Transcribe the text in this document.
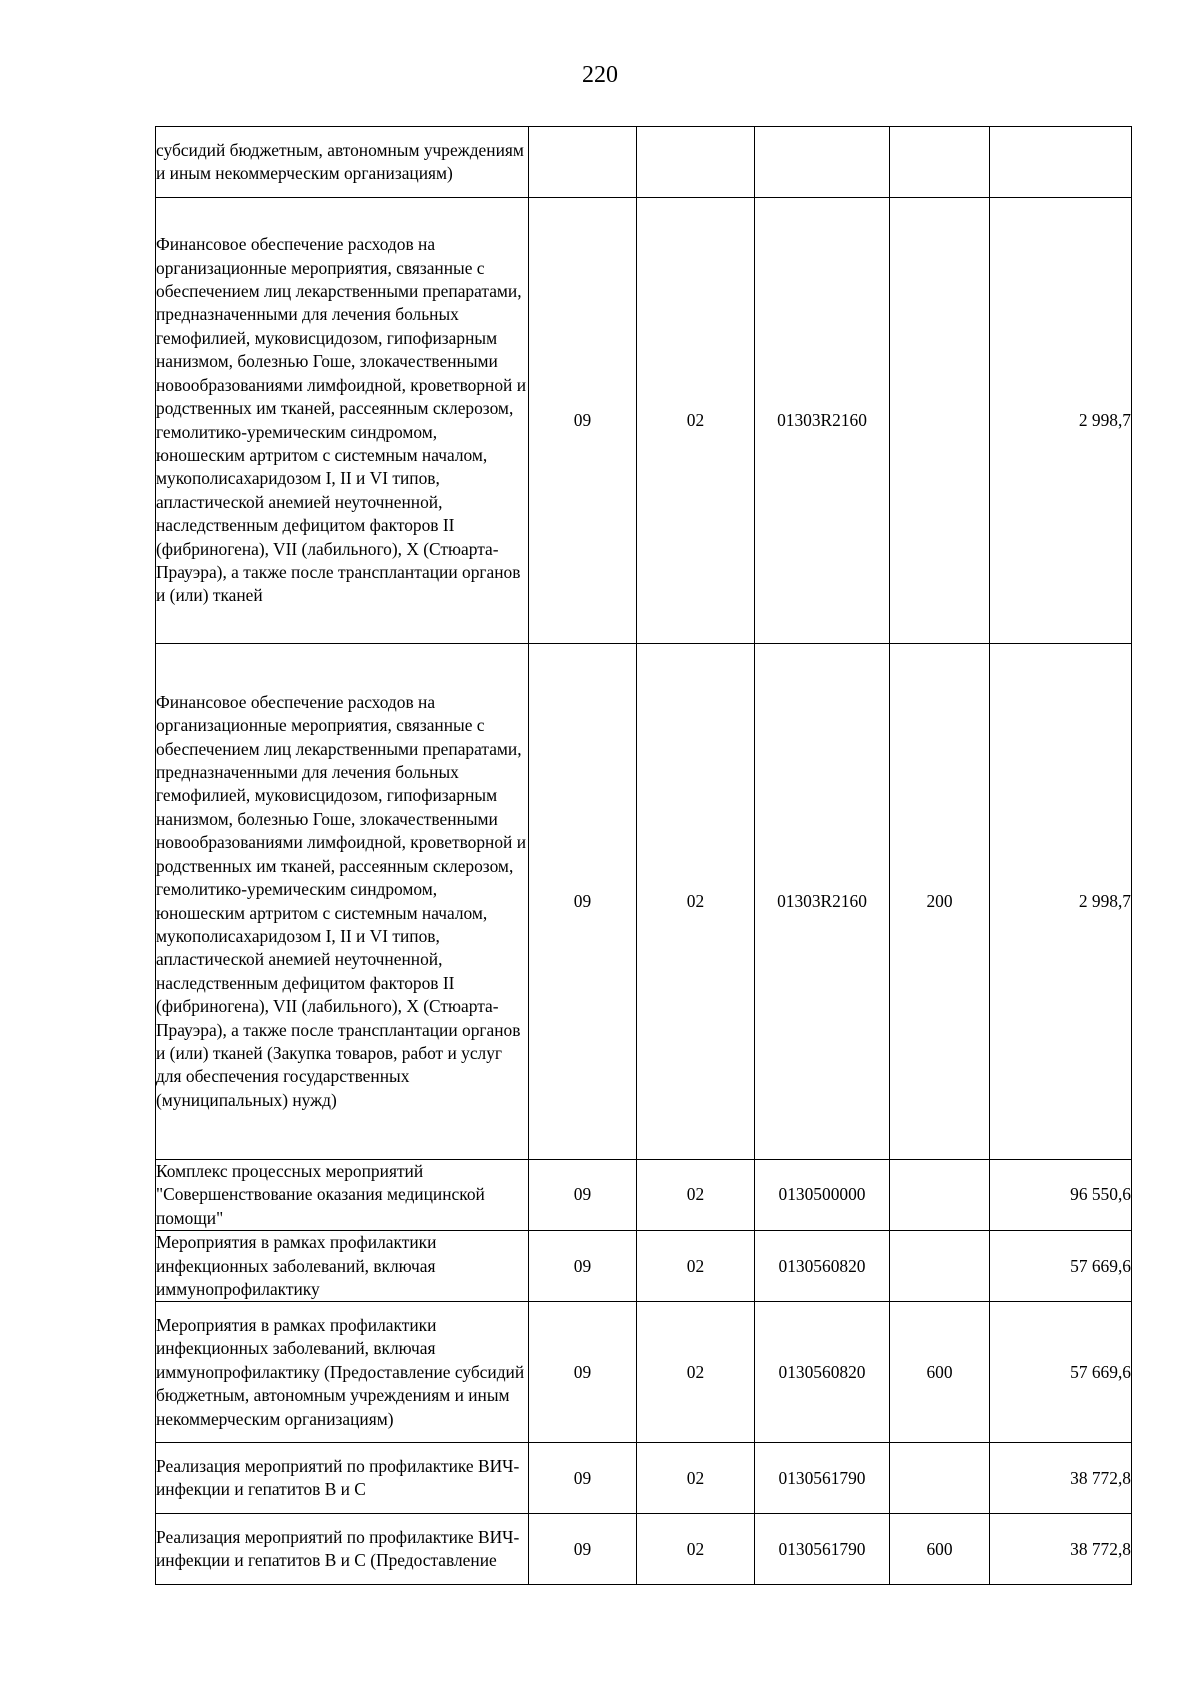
220
субсидий бюджетным, автономным учреждениям и иным некоммерческим организациям)					

Финансовое обеспечение расходов на организационные мероприятия, связанные с обеспечением лиц лекарственными препаратами, предназначенными для лечения больных гемофилией, муковисцидозом, гипофизарным нанизмом, болезнью Гоше, злокачественными новообразованиями лимфоидной, кроветворной и родственных им тканей, рассеянным склерозом, гемолитико-уремическим синдромом, юношеским артритом с системным началом, мукополисахаридозом I, II и VI типов, апластической анемией неуточненной, наследственным дефицитом факторов II (фибриногена), VII (лабильного), X (Стюарта-Прауэра), а также после трансплантации органов и (или) тканей	09	02	01303R2160		2 998,7

Финансовое обеспечение расходов на организационные мероприятия, связанные с обеспечением лиц лекарственными препаратами, предназначенными для лечения больных гемофилией, муковисцидозом, гипофизарным нанизмом, болезнью Гоше, злокачественными новообразованиями лимфоидной, кроветворной и родственных им тканей, рассеянным склерозом, гемолитико-уремическим синдромом, юношеским артритом с системным началом, мукополисахаридозом I, II и VI типов, апластической анемией неуточненной, наследственным дефицитом факторов II (фибриногена), VII (лабильного), X (Стюарта-Прауэра), а также после трансплантации органов и (или) тканей (Закупка товаров, работ и услуг для обеспечения государственных (муниципальных) нужд)	09	02	01303R2160	200	2 998,7

Комплекс процессных мероприятий "Совершенствование оказания медицинской помощи"	09	02	0130500000		96 550,6

Мероприятия в рамках профилактики инфекционных заболеваний, включая иммунопрофилактику	09	02	0130560820		57 669,6

Мероприятия в рамках профилактики инфекционных заболеваний, включая иммунопрофилактику (Предоставление субсидий бюджетным, автономным учреждениям и иным некоммерческим организациям)	09	02	0130560820	600	57 669,6

Реализация мероприятий по профилактике ВИЧ-инфекции и гепатитов B и C	09	02	0130561790		38 772,8

Реализация мероприятий по профилактике ВИЧ-инфекции и гепатитов B и C (Предоставление	09	02	0130561790	600	38 772,8
